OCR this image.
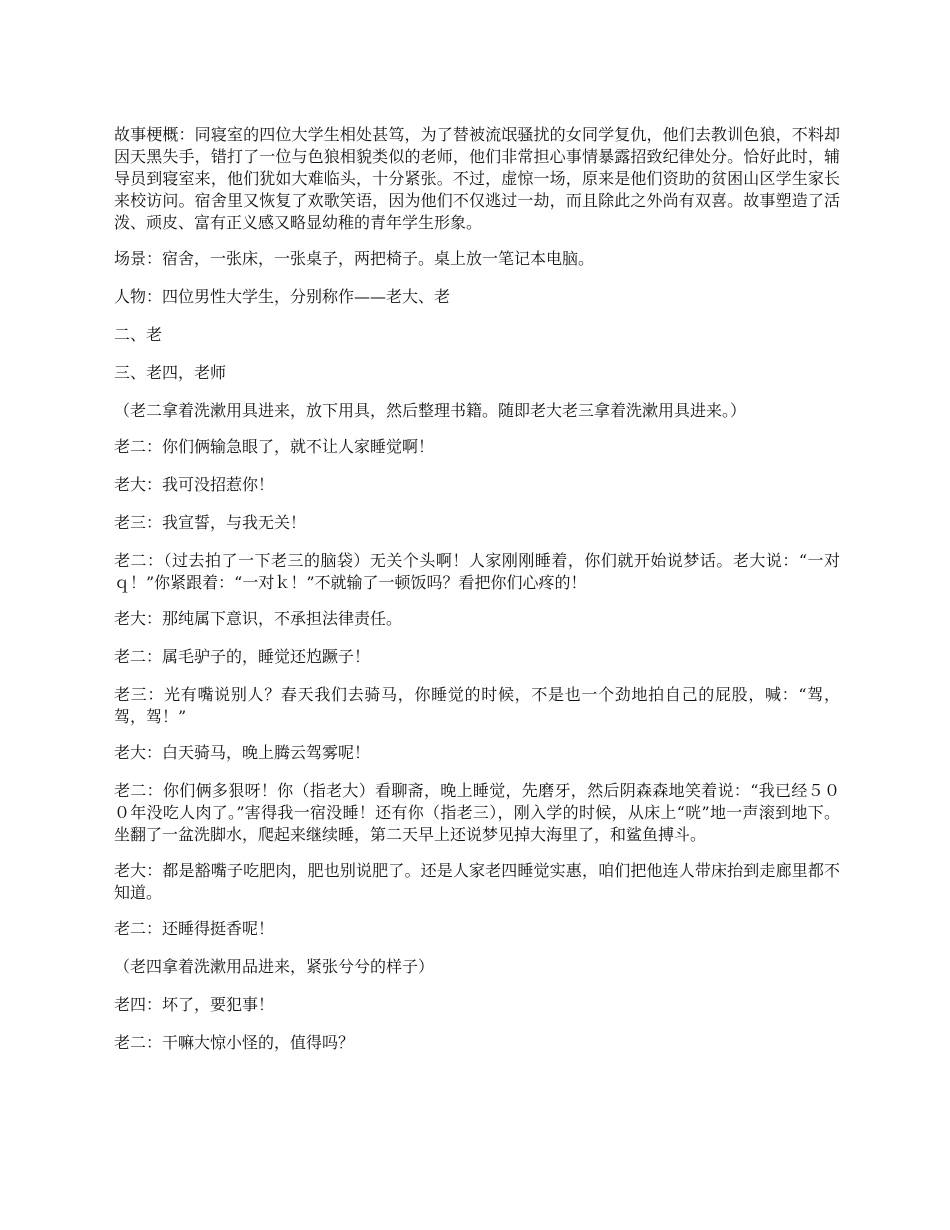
故事梗概：同寝室的四位大学生相处甚笃，为了替被流氓骚扰的女同学复仇，他们去教训色狼，不料却因天黑失手，错打了一位与色狼相貌类似的老师，他们非常担心事情暴露招致纪律处分。恰好此时，辅导员到寝室来，他们犹如大难临头，十分紧张。不过，虚惊一场，原来是他们资助的贫困山区学生家长来校访问。宿舍里又恢复了欢歌笑语，因为他们不仅逃过一劫，而且除此之外尚有双喜。故事塑造了活泼、顽皮、富有正义感又略显幼稚的青年学生形象。

场景：宿舍，一张床，一张桌子，两把椅子。桌上放一笔记本电脑。

人物：四位男性大学生，分别称作——老大、老

二、老

三、老四，老师

（老二拿着洗漱用具进来，放下用具，然后整理书籍。随即老大老三拿着洗漱用具进来。）

老二：你们俩输急眼了，就不让人家睡觉啊！

老大：我可没招惹你！

老三：我宣誓，与我无关！

老二：（过去拍了一下老三的脑袋）无关个头啊！人家刚刚睡着，你们就开始说梦话。老大说：“一对ｑ！”你紧跟着：“一对ｋ！”不就输了一顿饭吗？看把你们心疼的！

老大：那纯属下意识，不承担法律责任。

老二：属毛驴子的，睡觉还尥蹶子！

老三：光有嘴说别人？春天我们去骑马，你睡觉的时候，不是也一个劲地拍自己的屁股，喊：“驾，驾，驾！”

老大：白天骑马，晚上腾云驾雾呢！

老二：你们俩多狠呀！你（指老大）看聊斋，晚上睡觉，先磨牙，然后阴森森地笑着说：“我已经５００年没吃人肉了。”害得我一宿没睡！还有你（指老三），刚入学的时候，从床上“咣”地一声滚到地下。坐翻了一盆洗脚水，爬起来继续睡，第二天早上还说梦见掉大海里了，和鲨鱼搏斗。

老大：都是豁嘴子吃肥肉，肥也别说肥了。还是人家老四睡觉实惠，咱们把他连人带床抬到走廊里都不知道。

老二：还睡得挺香呢！

（老四拿着洗漱用品进来，紧张兮兮的样子）

老四：坏了，要犯事！

老二：干嘛大惊小怪的，值得吗？
